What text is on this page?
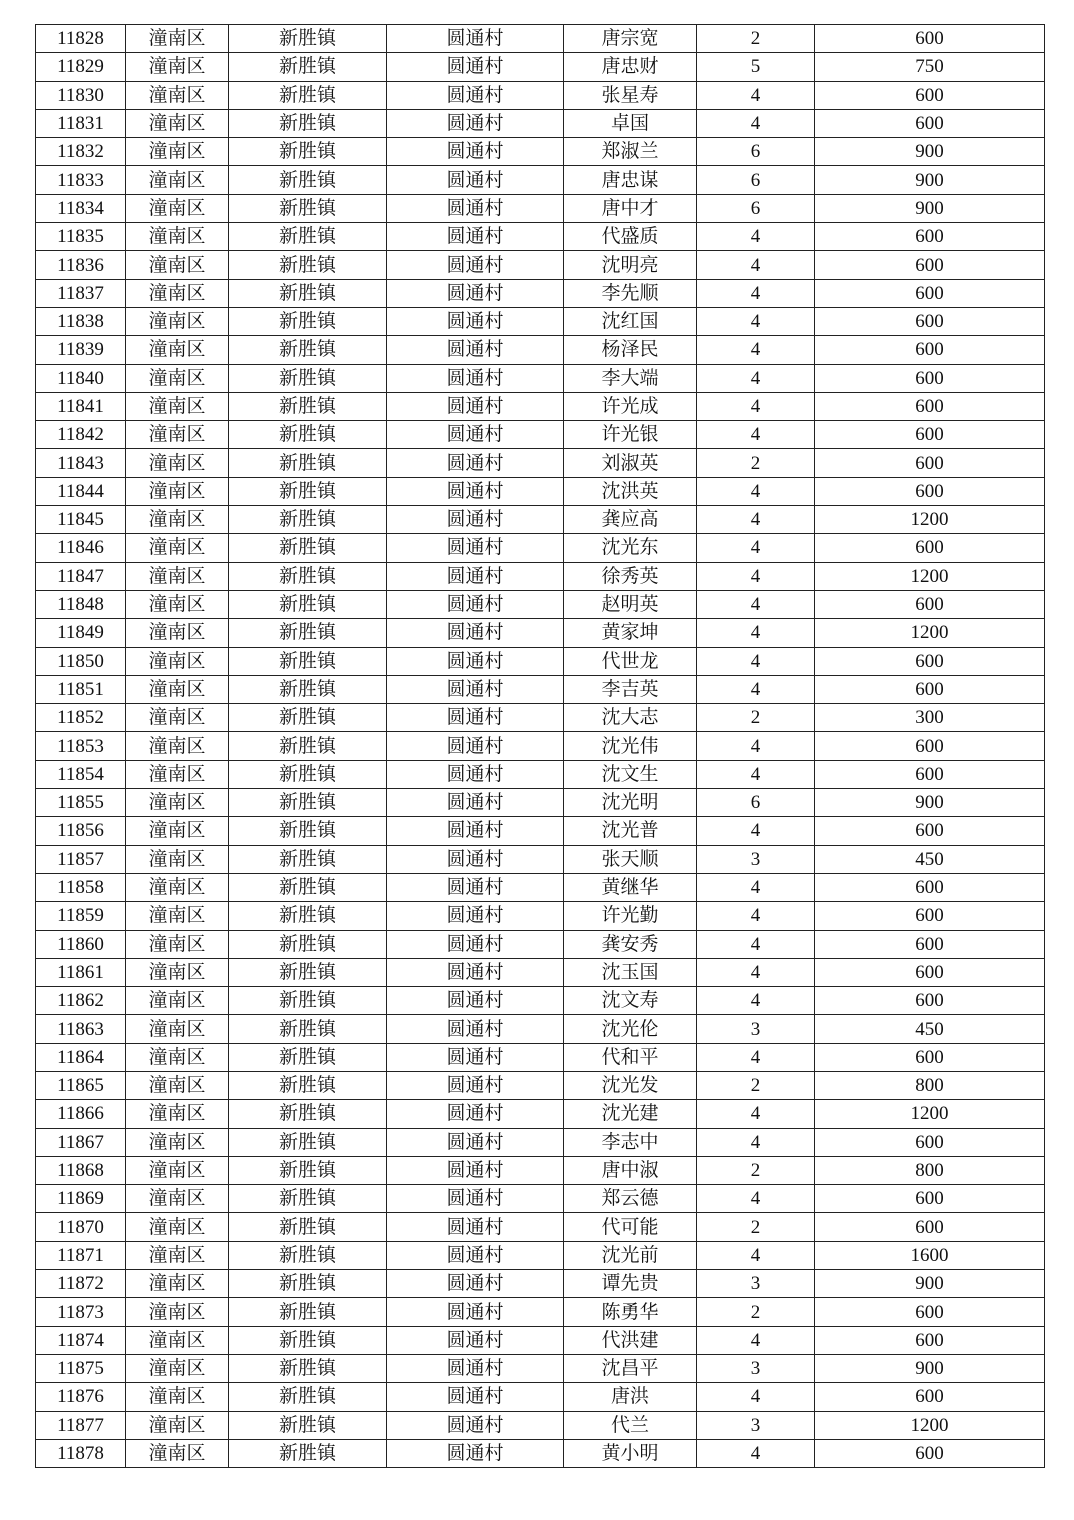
11828	潼南区	新胜镇	圆通村	唐宗宽	2	600
11829	潼南区	新胜镇	圆通村	唐忠财	5	750
11830	潼南区	新胜镇	圆通村	张星寿	4	600
11831	潼南区	新胜镇	圆通村	卓国	4	600
11832	潼南区	新胜镇	圆通村	郑淑兰	6	900
11833	潼南区	新胜镇	圆通村	唐忠谋	6	900
11834	潼南区	新胜镇	圆通村	唐中才	6	900
11835	潼南区	新胜镇	圆通村	代盛质	4	600
11836	潼南区	新胜镇	圆通村	沈明亮	4	600
11837	潼南区	新胜镇	圆通村	李先顺	4	600
11838	潼南区	新胜镇	圆通村	沈红国	4	600
11839	潼南区	新胜镇	圆通村	杨泽民	4	600
11840	潼南区	新胜镇	圆通村	李大端	4	600
11841	潼南区	新胜镇	圆通村	许光成	4	600
11842	潼南区	新胜镇	圆通村	许光银	4	600
11843	潼南区	新胜镇	圆通村	刘淑英	2	600
11844	潼南区	新胜镇	圆通村	沈洪英	4	600
11845	潼南区	新胜镇	圆通村	龚应高	4	1200
11846	潼南区	新胜镇	圆通村	沈光东	4	600
11847	潼南区	新胜镇	圆通村	徐秀英	4	1200
11848	潼南区	新胜镇	圆通村	赵明英	4	600
11849	潼南区	新胜镇	圆通村	黄家坤	4	1200
11850	潼南区	新胜镇	圆通村	代世龙	4	600
11851	潼南区	新胜镇	圆通村	李吉英	4	600
11852	潼南区	新胜镇	圆通村	沈大志	2	300
11853	潼南区	新胜镇	圆通村	沈光伟	4	600
11854	潼南区	新胜镇	圆通村	沈文生	4	600
11855	潼南区	新胜镇	圆通村	沈光明	6	900
11856	潼南区	新胜镇	圆通村	沈光普	4	600
11857	潼南区	新胜镇	圆通村	张天顺	3	450
11858	潼南区	新胜镇	圆通村	黄继华	4	600
11859	潼南区	新胜镇	圆通村	许光勤	4	600
11860	潼南区	新胜镇	圆通村	龚安秀	4	600
11861	潼南区	新胜镇	圆通村	沈玉国	4	600
11862	潼南区	新胜镇	圆通村	沈文寿	4	600
11863	潼南区	新胜镇	圆通村	沈光伦	3	450
11864	潼南区	新胜镇	圆通村	代和平	4	600
11865	潼南区	新胜镇	圆通村	沈光发	2	800
11866	潼南区	新胜镇	圆通村	沈光建	4	1200
11867	潼南区	新胜镇	圆通村	李志中	4	600
11868	潼南区	新胜镇	圆通村	唐中淑	2	800
11869	潼南区	新胜镇	圆通村	郑云德	4	600
11870	潼南区	新胜镇	圆通村	代可能	2	600
11871	潼南区	新胜镇	圆通村	沈光前	4	1600
11872	潼南区	新胜镇	圆通村	谭先贵	3	900
11873	潼南区	新胜镇	圆通村	陈勇华	2	600
11874	潼南区	新胜镇	圆通村	代洪建	4	600
11875	潼南区	新胜镇	圆通村	沈昌平	3	900
11876	潼南区	新胜镇	圆通村	唐洪	4	600
11877	潼南区	新胜镇	圆通村	代兰	3	1200
11878	潼南区	新胜镇	圆通村	黄小明	4	600
